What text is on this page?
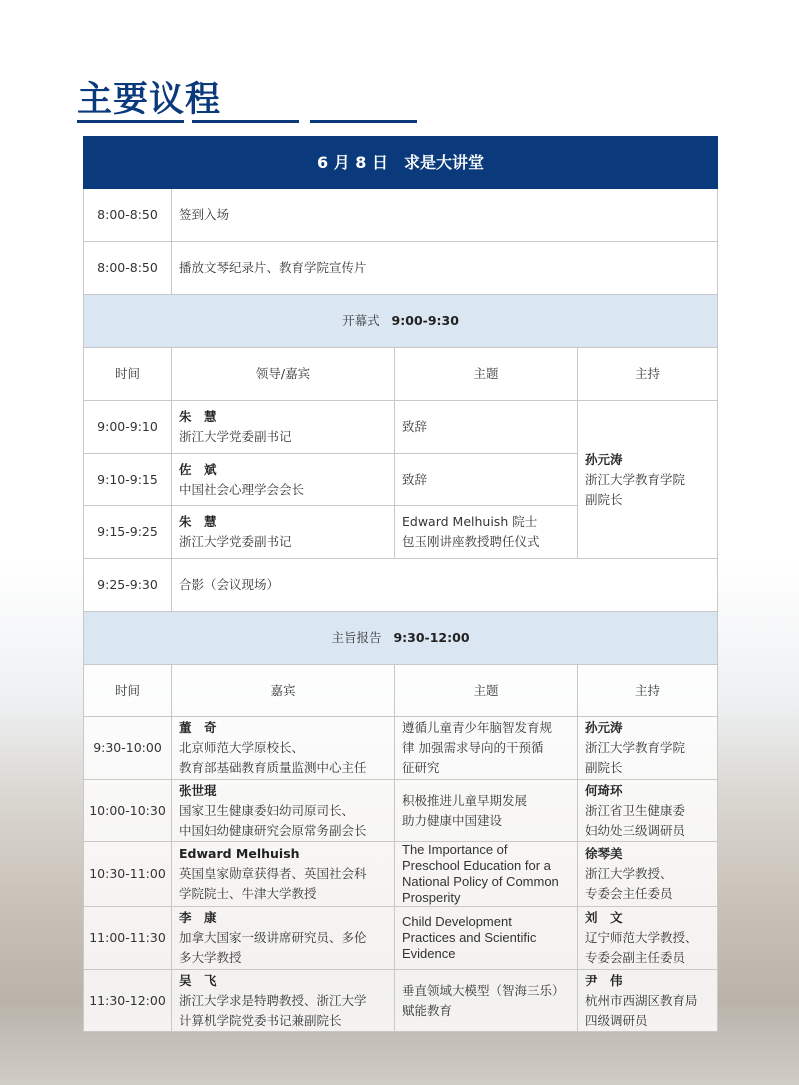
主要议程
6 月 8 日　求是大讲堂			
8:00-8:50	签到入场		
8:00-8:50	播放文琴纪录片、教育学院宣传片		
开幕式 9:00-9:30			
时间	领导/嘉宾	主题	主持
9:00-9:10	朱　慧
浙江大学党委副书记	致辞	孙元涛
浙江大学教育学院
副院长
9:10-9:15	佐　斌
中国社会心理学会会长	致辞	
9:15-9:25	朱　慧
浙江大学党委副书记	Edward Melhuish 院士
包玉刚讲座教授聘任仪式	
9:25-9:30	合影（会议现场）		
主旨报告 9:30-12:00			
时间	嘉宾	主题	主持
9:30-10:00	董　奇
北京师范大学原校长、
教育部基础教育质量监测中心主任	遵循儿童青少年脑智发育规
律 加强需求导向的干预循
征研究	孙元涛
浙江大学教育学院
副院长
10:00-10:30	张世琨
国家卫生健康委妇幼司原司长、
中国妇幼健康研究会原常务副会长	积极推进儿童早期发展
助力健康中国建设	何琦环
浙江省卫生健康委
妇幼处三级调研员
10:30-11:00	Edward Melhuish
英国皇家勋章获得者、英国社会科
学院院士、牛津大学教授	The Importance of
Preschool Education for a
National Policy of Common
Prosperity	徐琴美
浙江大学教授、
专委会主任委员
11:00-11:30	李　康
加拿大国家一级讲席研究员、多伦
多大学教授	Child Development
Practices and Scientific
Evidence	刘　文
辽宁师范大学教授、
专委会副主任委员
11:30-12:00	吴　飞
浙江大学求是特聘教授、浙江大学
计算机学院党委书记兼副院长	垂直领域大模型（智海三乐）
赋能教育	尹　伟
杭州市西湖区教育局
四级调研员
